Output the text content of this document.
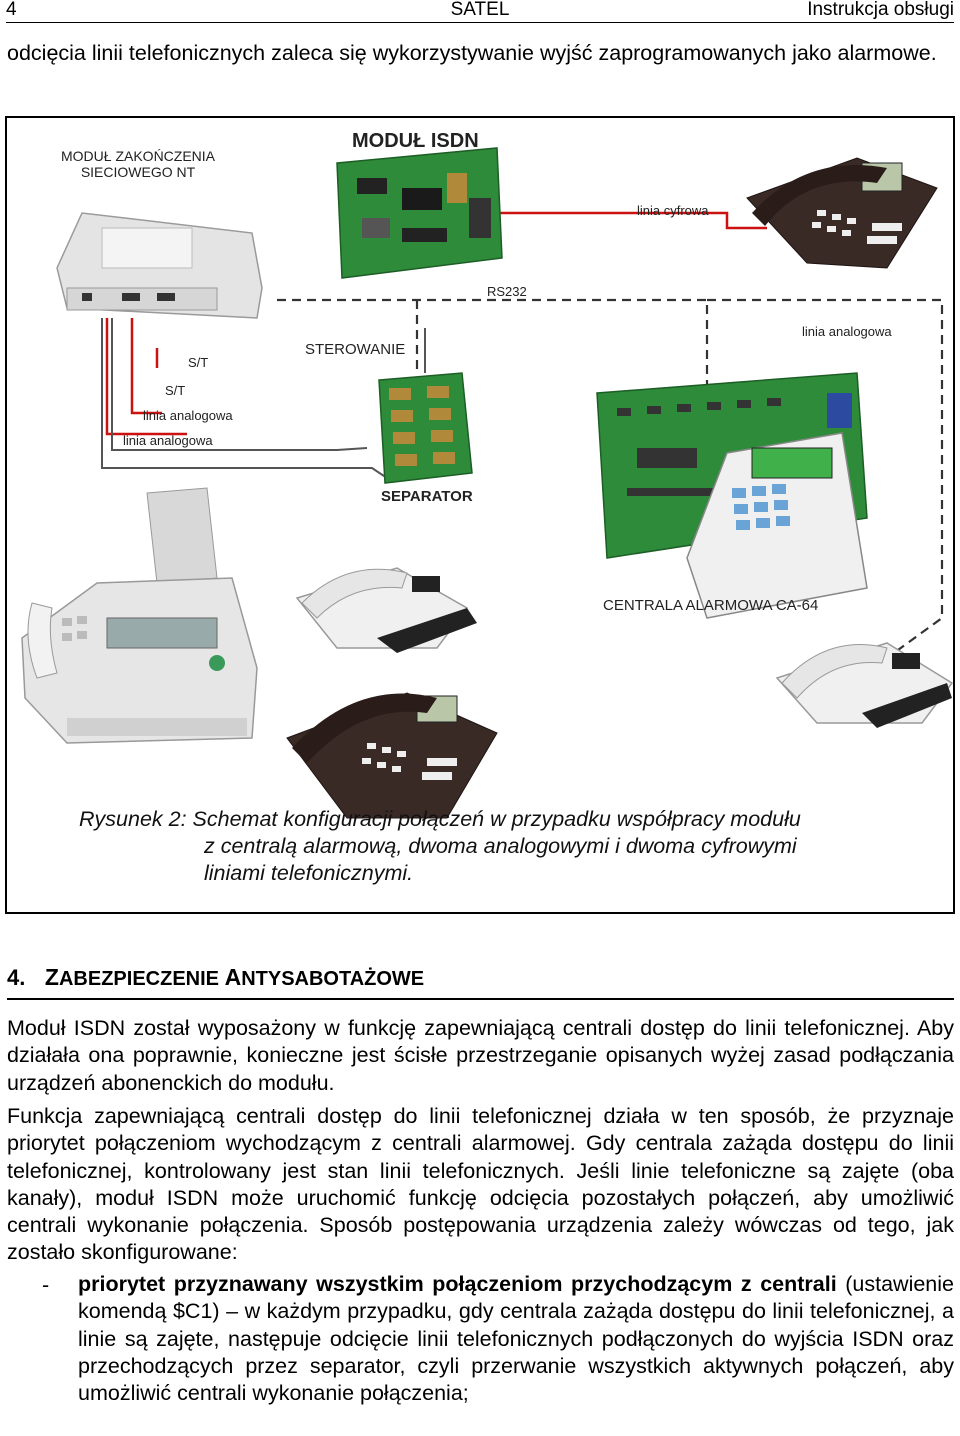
4	SATEL	Instrukcja obsługi
odcięcia linii telefonicznych zaleca się wykorzystywanie wyjść zaprogramowanych jako alarmowe.
MODUŁ ZAKOŃCZENIA
SIECIOWEGO NT
MODUŁ ISDN
linia cyfrowa
RS232
STEROWANIE
linia analogowa
S/T
S/T
linia analogowa
linia analogowa
SEPARATOR
CENTRALA ALARMOWA CA-64
Rysunek 2: Schemat konfiguracji połączeń w przypadku współpracy modułu
z centralą alarmową, dwoma analogowymi i dwoma cyfrowymi
liniami telefonicznymi.
4. ZABEZPIECZENIE ANTYSABOTAŻOWE
Moduł ISDN został wyposażony w funkcję zapewniającą centrali dostęp do linii telefonicznej. Aby działała ona poprawnie, konieczne jest ścisłe przestrzeganie opisanych wyżej zasad podłączania urządzeń abonenckich do modułu.
Funkcja zapewniającą centrali dostęp do linii telefonicznej działa w ten sposób, że przyznaje priorytet połączeniom wychodzącym z centrali alarmowej. Gdy centrala zażąda dostępu do linii telefonicznej, kontrolowany jest stan linii telefonicznych. Jeśli linie telefoniczne są zajęte (oba kanały), moduł ISDN może uruchomić funkcję odcięcia pozostałych połączeń, aby umożliwić centrali wykonanie połączenia. Sposób postępowania urządzenia zależy wówczas od tego, jak zostało skonfigurowane:
- priorytet przyznawany wszystkim połączeniom przychodzącym z centrali (ustawienie komendą $C1) – w każdym przypadku, gdy centrala zażąda dostępu do linii telefonicznej, a linie są zajęte, następuje odcięcie linii telefonicznych podłączonych do wyjścia ISDN oraz przechodzących przez separator, czyli przerwanie wszystkich aktywnych połączeń, aby umożliwić centrali wykonanie połączenia;
